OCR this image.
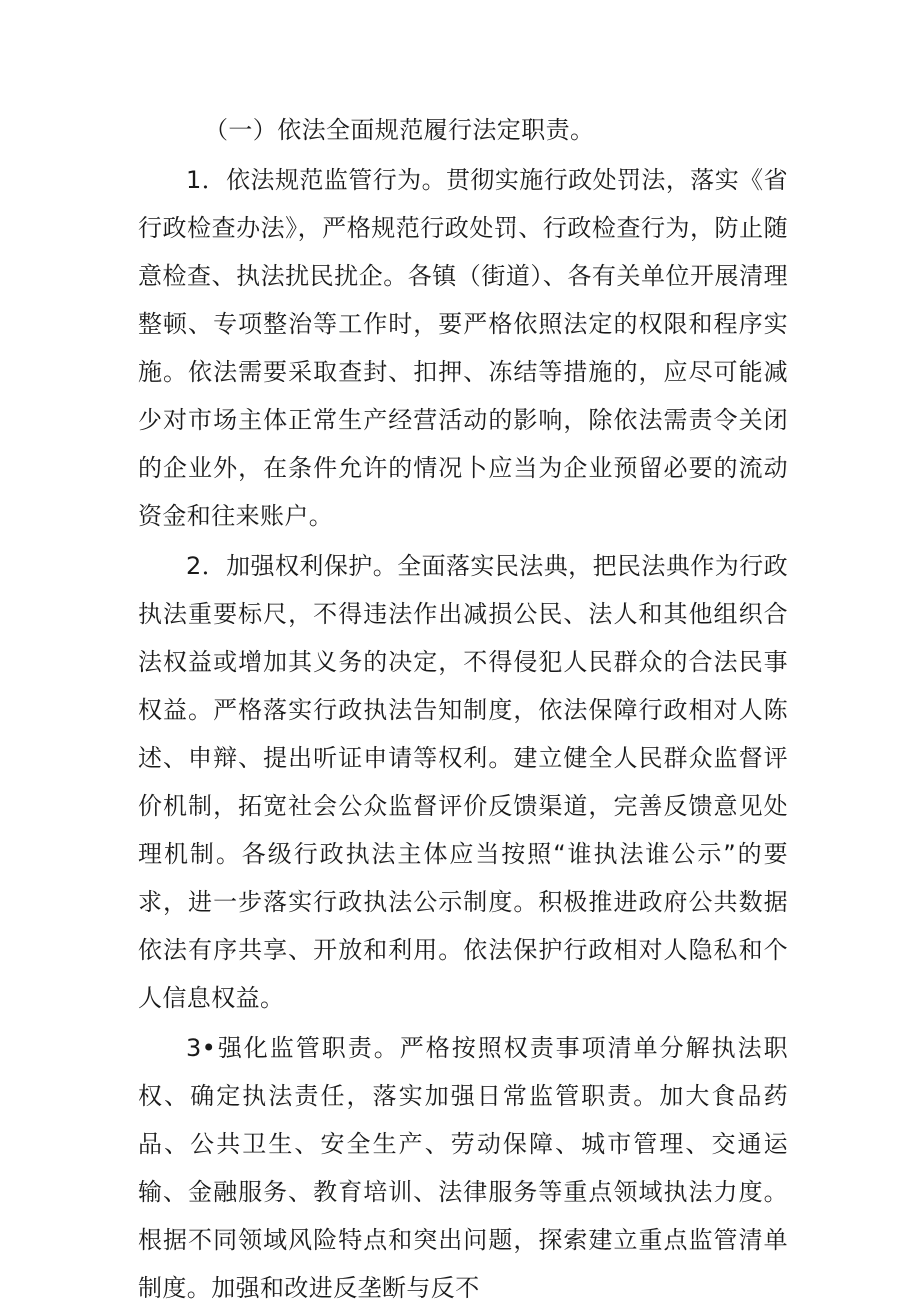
（一）依法全面规范履行法定职责。

1．依法规范监管行为。贯彻实施行政处罚法，落实《省行政检查办法》，严格规范行政处罚、行政检查行为，防止随意检查、执法扰民扰企。各镇（街道）、各有关单位开展清理整顿、专项整治等工作时，要严格依照法定的权限和程序实施。依法需要采取查封、扣押、冻结等措施的，应尽可能减少对市场主体正常生产经营活动的影响，除依法需责令关闭的企业外，在条件允许的情况卜应当为企业预留必要的流动资金和往来账户。

2．加强权利保护。全面落实民法典，把民法典作为行政执法重要标尺，不得违法作出减损公民、法人和其他组织合法权益或增加其义务的决定，不得侵犯人民群众的合法民事权益。严格落实行政执法告知制度，依法保障行政相对人陈述、申辩、提出听证申请等权利。建立健全人民群众监督评价机制，拓宽社会公众监督评价反馈渠道，完善反馈意见处理机制。各级行政执法主体应当按照“谁执法谁公示”的要求，进一步落实行政执法公示制度。积极推进政府公共数据依法有序共享、开放和利用。依法保护行政相对人隐私和个人信息权益。

3•强化监管职责。严格按照权责事项清单分解执法职权、确定执法责任，落实加强日常监管职责。加大食品药品、公共卫生、安全生产、劳动保障、城市管理、交通运输、金融服务、教育培训、法律服务等重点领域执法力度。根据不同领域风险特点和突出问题，探索建立重点监管清单制度。加强和改进反垄断与反不
